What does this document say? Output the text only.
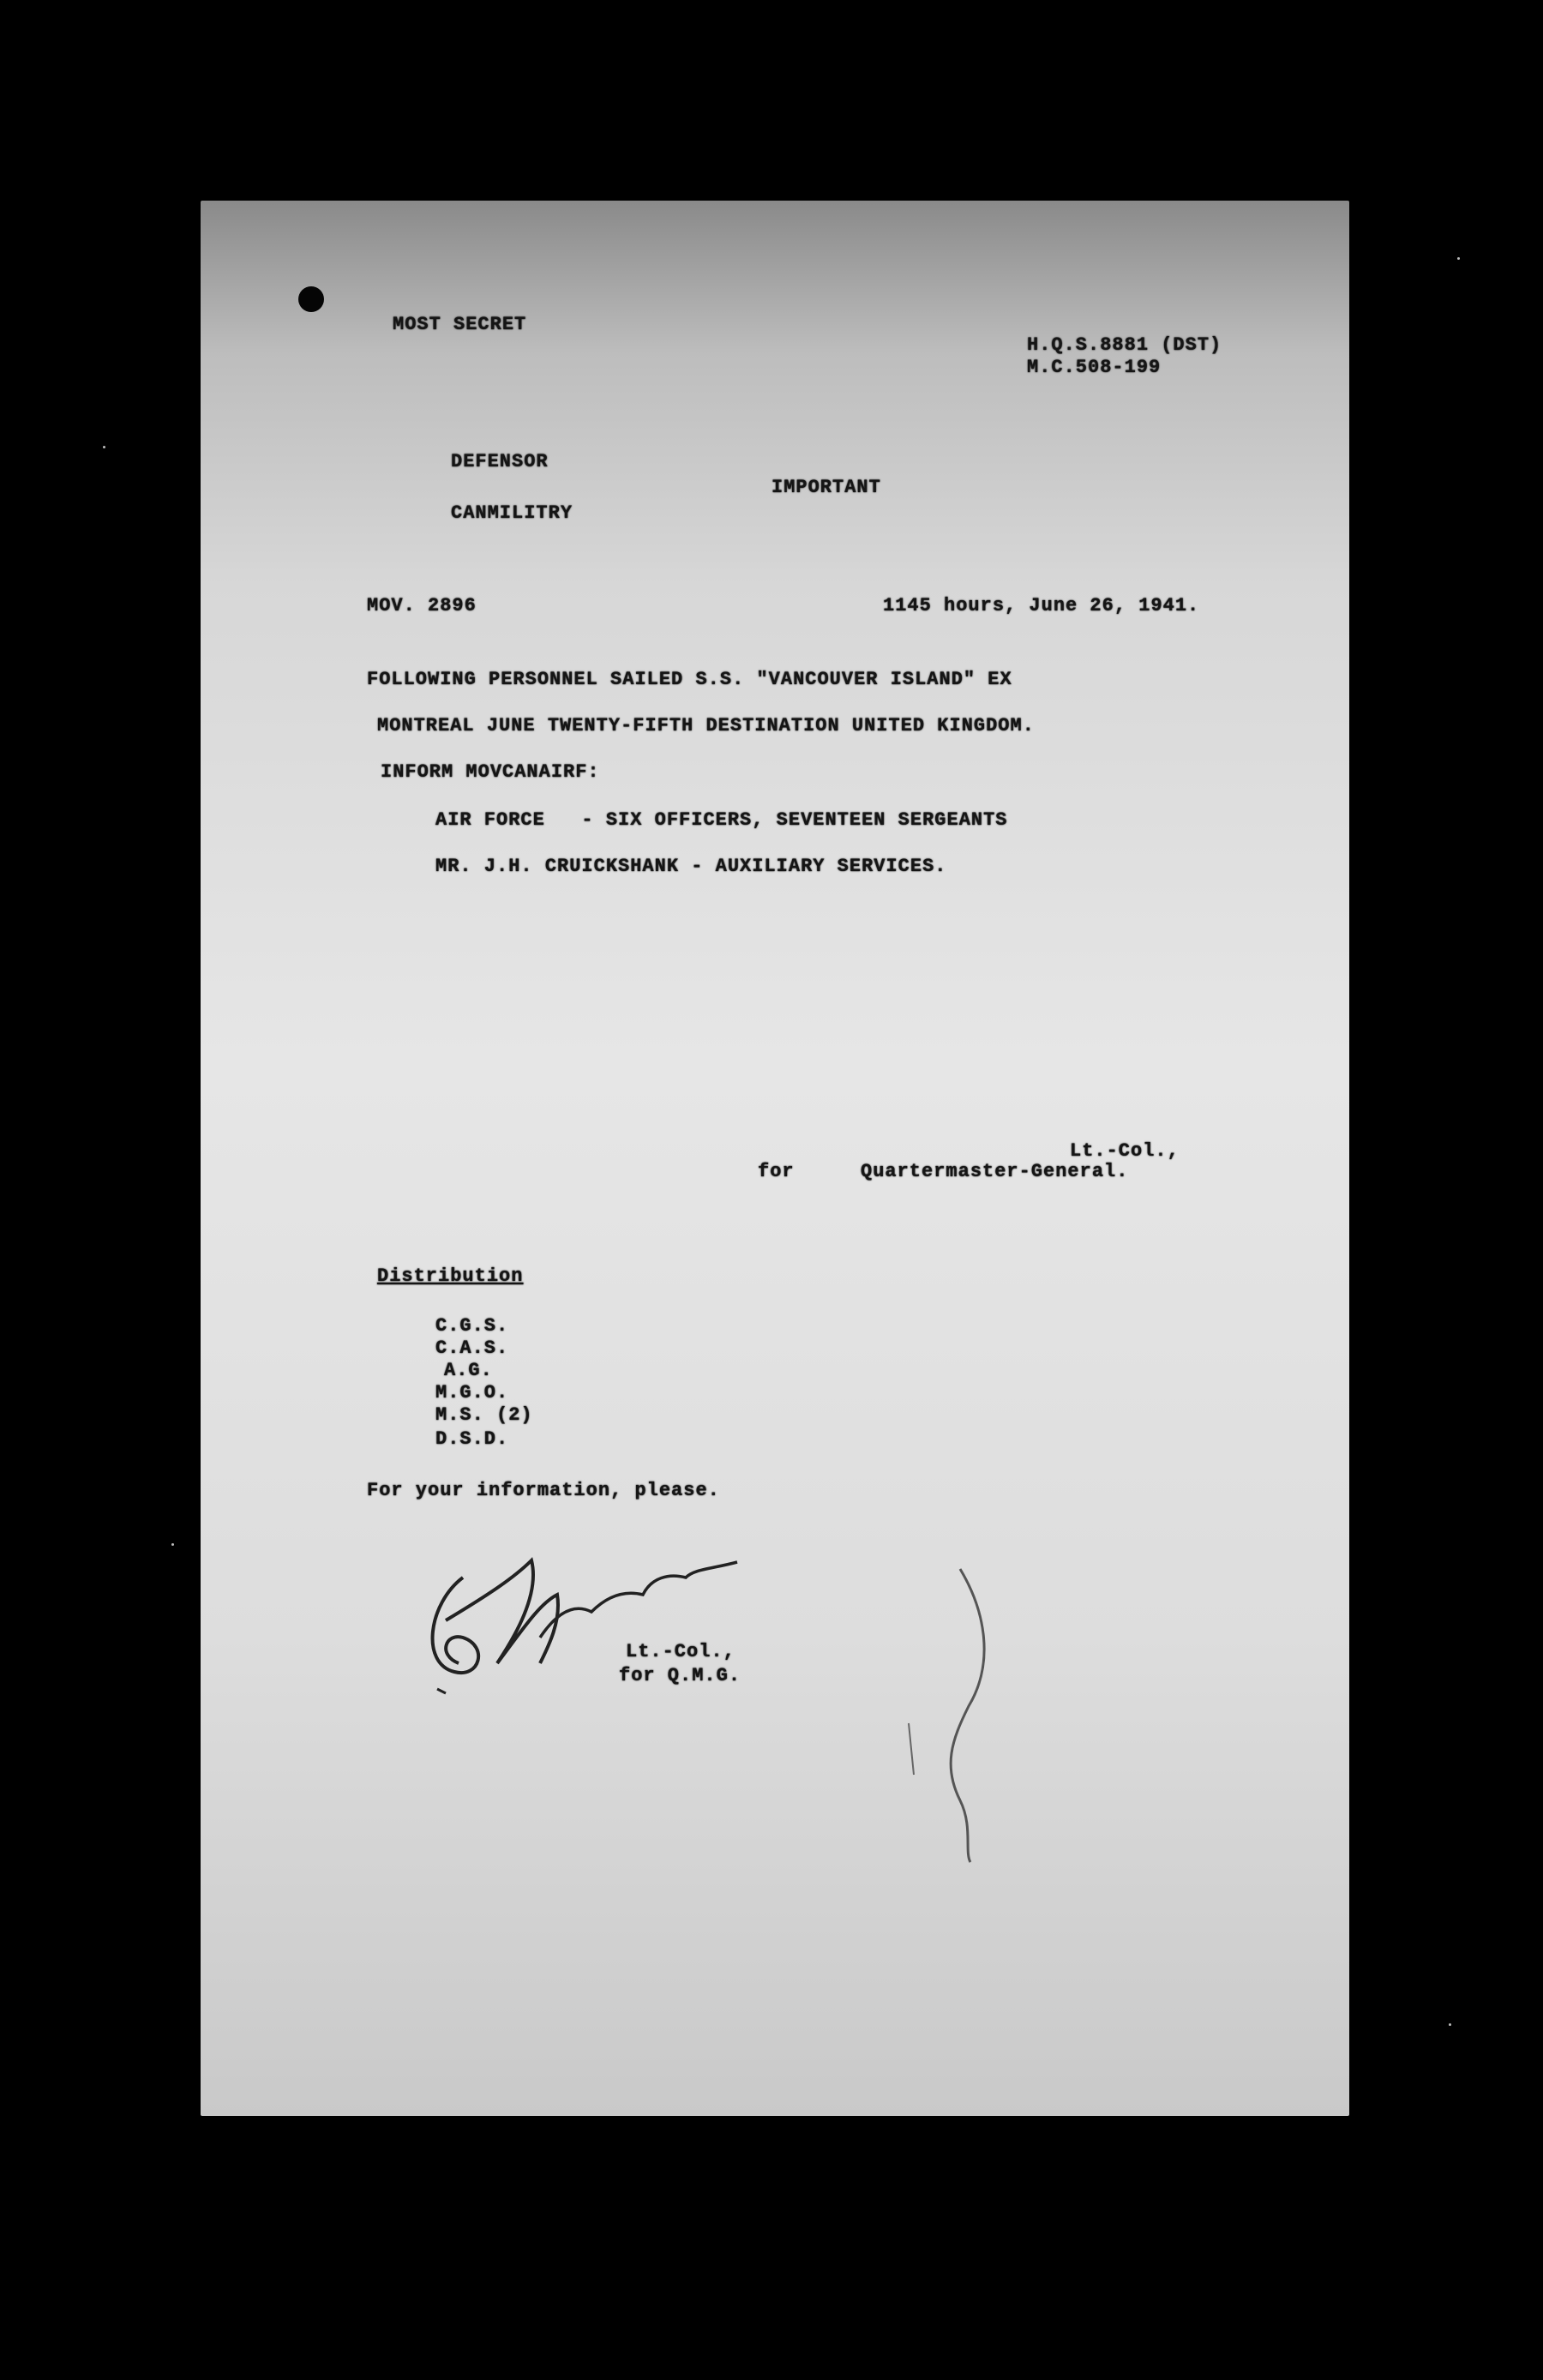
MOST SECRET
H.Q.S.8881 (DST)
M.C.508-199
DEFENSOR
CANMILITRY
IMPORTANT
MOV. 2896	1145 hours, June 26, 1941.
FOLLOWING PERSONNEL SAILED S.S. "VANCOUVER ISLAND" EX
MONTREAL JUNE TWENTY-FIFTH DESTINATION UNITED KINGDOM.
INFORM MOVCANAIRF:
AIR FORCE   - SIX OFFICERS, SEVENTEEN SERGEANTS
MR. J.H. CRUICKSHANK - AUXILIARY SERVICES.
Lt.-Col.,
for	Quartermaster-General.
Distribution
C.G.S.
C.A.S.
A.G.
M.G.O.
M.S. (2)
D.S.D.
For your information, please.
Lt.-Col.,
for Q.M.G.
